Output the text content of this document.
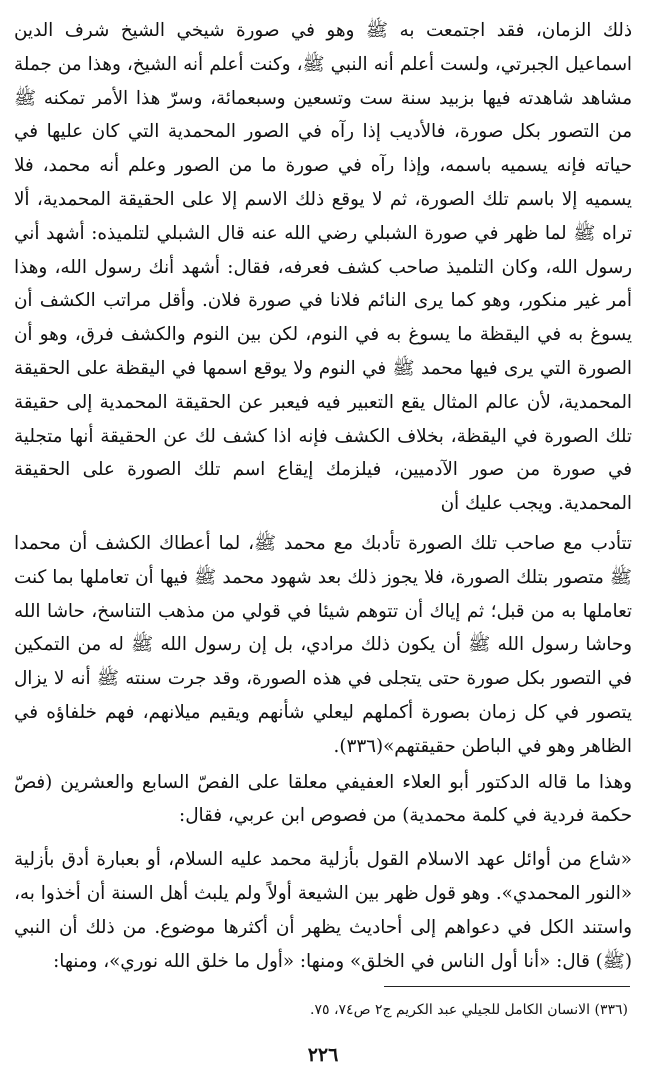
ذلك الزمان، فقد اجتمعت به ﷺ وهو في صورة شيخي الشيخ شرف الدين اسماعيل الجبرتي، ولست أعلم أنه النبي ﷺ، وكنت أعلم أنه الشيخ، وهذا من جملة مشاهد شاهدته فيها بزبيد سنة ست وتسعين وسبعمائة، وسرّ هذا الأمر تمكنه ﷺ من التصور بكل صورة، فالأديب إذا رآه في الصور المحمدية التي كان عليها في حياته فإنه يسميه باسمه، وإذا رآه في صورة ما من الصور وعلم أنه محمد، فلا يسميه إلا باسم تلك الصورة، ثم لا يوقع ذلك الاسم إلا على الحقيقة المحمدية، ألا تراه ﷺ لما ظهر في صورة الشبلي رضي الله عنه قال الشبلي لتلميذه: أشهد أني رسول الله، وكان التلميذ صاحب كشف فعرفه، فقال: أشهد أنك رسول الله، وهذا أمر غير منكور، وهو كما يرى النائم فلانا في صورة فلان. وأقل مراتب الكشف أن يسوغ به في اليقظة ما يسوغ به في النوم، لكن بين النوم والكشف فرق، وهو أن الصورة التي يرى فيها محمد ﷺ في النوم ولا يوقع اسمها في اليقظة على الحقيقة المحمدية، لأن عالم المثال يقع التعبير فيه فيعبر عن الحقيقة المحمدية إلى حقيقة تلك الصورة في اليقظة، بخلاف الكشف فإنه اذا كشف لك عن الحقيقة أنها متجلية في صورة من صور الآدميين، فيلزمك إيقاع اسم تلك الصورة على الحقيقة المحمدية. ويجب عليك أن

تتأدب مع صاحب تلك الصورة تأدبك مع محمد ﷺ، لما أعطاك الكشف أن محمدا ﷺ متصور بتلك الصورة، فلا يجوز ذلك بعد شهود محمد ﷺ فيها أن تعاملها بما كنت تعاملها به من قبل؛ ثم إياك أن تتوهم شيئا في قولي من مذهب التناسخ، حاشا الله وحاشا رسول الله ﷺ أن يكون ذلك مرادي، بل إن رسول الله ﷺ له من التمكين في التصور بكل صورة حتى يتجلى في هذه الصورة، وقد جرت سنته ﷺ أنه لا يزال يتصور في كل زمان بصورة أكملهم ليعلي شأنهم ويقيم ميلانهم، فهم خلفاؤه في الظاهر وهو في الباطن حقيقتهم»(٣٣٦).

وهذا ما قاله الدكتور أبو العلاء العفيفي معلقا على الفصّ السابع والعشرين (فصّ حكمة فردية في كلمة محمدية) من فصوص ابن عربي، فقال:

«شاع من أوائل عهد الاسلام القول بأزلية محمد عليه السلام، أو بعبارة أدق بأزلية «النور المحمدي». وهو قول ظهر بين الشيعة أولاً ولم يلبث أهل السنة أن أخذوا به، واستند الكل في دعواهم إلى أحاديث يظهر أن أكثرها موضوع. من ذلك أن النبي (ﷺ) قال: «أنا أول الناس في الخلق» ومنها: «أول ما خلق الله نوري»، ومنها:

(٣٣٦) الانسان الكامل للجيلي عبد الكريم ج٢ ص٧٤، ٧٥.

٢٢٦
